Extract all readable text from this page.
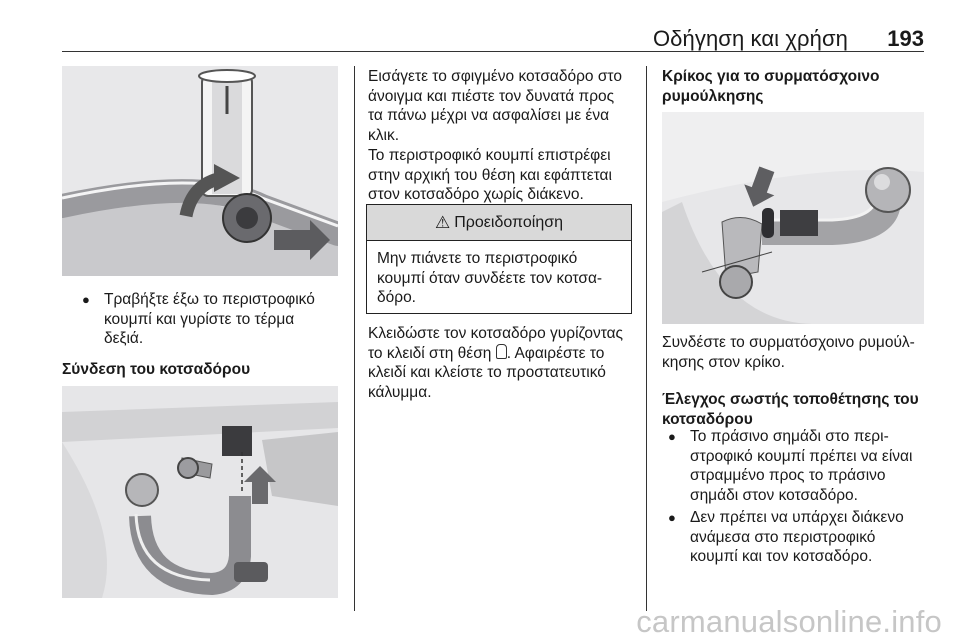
Οδήγηση και χρήση 193
● Τραβήξτε έξω το περιστροφικό
κουμπί και γυρίστε το τέρμα
δεξιά.
Σύνδεση του κοτσαδόρου
Εισάγετε το σφιγμένο κοτσαδόρο στο
άνοιγμα και πιέστε τον δυνατά προς
τα πάνω μέχρι να ασφαλίσει με ένα
κλικ.
Το περιστροφικό κουμπί επιστρέφει
στην αρχική του θέση και εφάπτεται
στον κοτσαδόρο χωρίς διάκενο.
⚠ Προειδοποίηση
Μην πιάνετε το περιστροφικό
κουμπί όταν συνδέετε τον κοτσα-
δόρο.
Κλειδώστε τον κοτσαδόρο γυρίζοντας
το κλειδί στη θέση . Αφαιρέστε το
κλειδί και κλείστε το προστατευτικό
κάλυμμα.
Κρίκος για το συρματόσχοινο
ρυμούλκησης
Συνδέστε το συρματόσχοινο ρυμούλ-
κησης στον κρίκο.
Έλεγχος σωστής τοποθέτησης του
κοτσαδόρου
● Το πράσινο σημάδι στο περι-
στροφικό κουμπί πρέπει να είναι
στραμμένο προς το πράσινο
σημάδι στον κοτσαδόρο.
● Δεν πρέπει να υπάρχει διάκενο
ανάμεσα στο περιστροφικό
κουμπί και τον κοτσαδόρο.
carmanualsonline.info
